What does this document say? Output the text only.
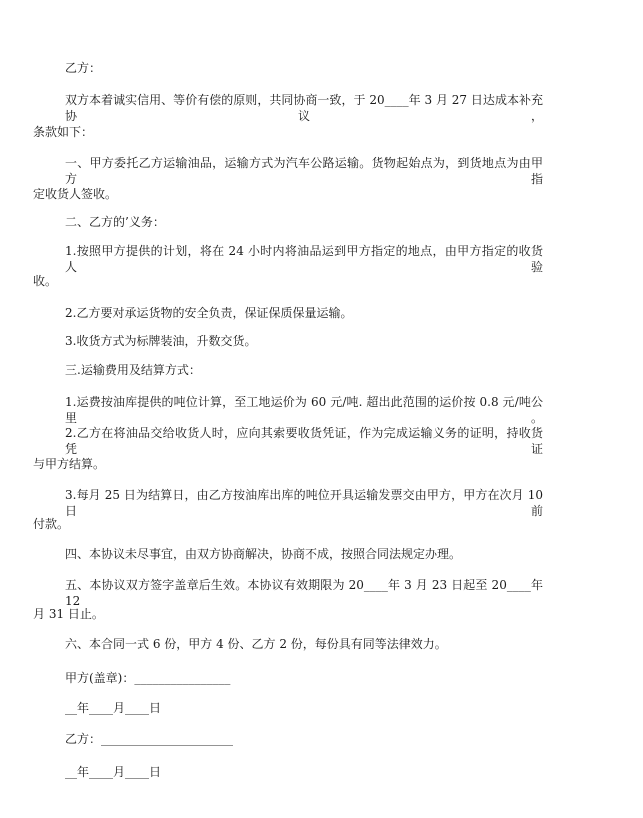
乙方：
双方本着诚实信用、等价有偿的原则，共同协商一致，于 20____年 3 月 27 日达成本补充协议，
条款如下：
一、甲方委托乙方运输油品，运输方式为汽车公路运输。货物起始点为，到货地点为由甲方指
定收货人签收。
二、乙方的’义务：
1.按照甲方提供的计划，将在 24 小时内将油品运到甲方指定的地点，由甲方指定的收货人验
收。
2.乙方要对承运货物的安全负责，保证保质保量运输。
3.收货方式为标牌装油，升数交货。
三.运输费用及结算方式：
1.运费按油库提供的吨位计算，至工地运价为 60 元/吨. 超出此范围的运价按 0.8 元/吨公里。
2.乙方在将油品交给收货人时，应向其索要收货凭证，作为完成运输义务的证明，持收货凭证
与甲方结算。
3.每月 25 日为结算日，由乙方按油库出库的吨位开具运输发票交由甲方，甲方在次月 10 日前
付款。
四、本协议未尽事宜，由双方协商解决，协商不成，按照合同法规定办理。
五、本协议双方签字盖章后生效。本协议有效期限为 20____年 3 月 23 日起至 20____年 12
月 31 日止。
六、本合同一式 6 份，甲方 4 份、乙方 2 份，每份具有同等法律效力。
甲方(盖章)：________________
__年____月____日
乙方：______________________
__年____月____日
